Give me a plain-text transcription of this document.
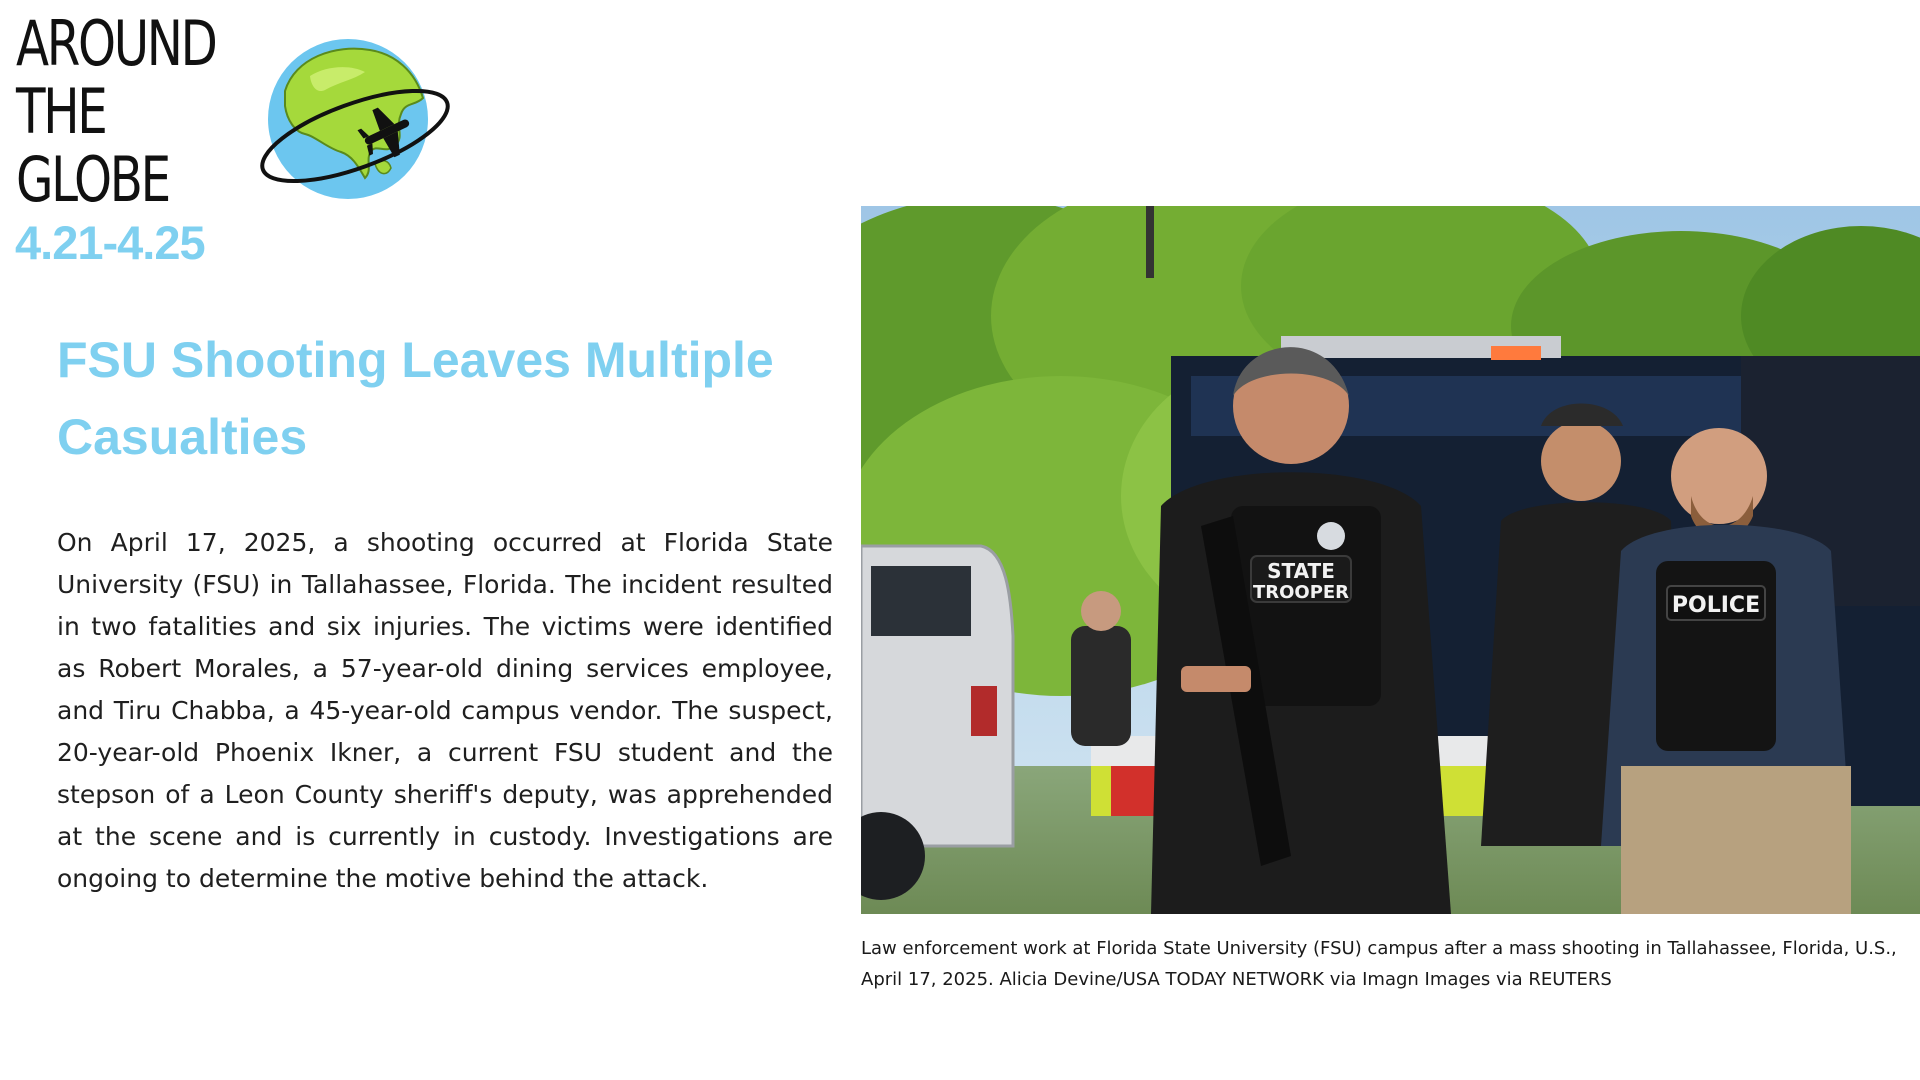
AROUND
THE
GLOBE
4.21-4.25
FSU Shooting Leaves Multiple Casualties

On April 17, 2025, a shooting occurred at Florida State University (FSU) in Tallahassee, Florida. The incident resulted in two fatalities and six injuries. The victims were identified as Robert Morales, a 57-year-old dining services employee, and Tiru Chabba, a 45-year-old campus vendor. The suspect, 20-year-old Phoenix Ikner, a current FSU student and the stepson of a Leon County sheriff's deputy, was apprehended at the scene and is currently in custody. Investigations are ongoing to determine the motive behind the attack.

STATE
TROOPER
POLICE

Law enforcement work at Florida State University (FSU) campus after a mass shooting in Tallahassee, Florida, U.S., April 17, 2025. Alicia Devine/USA TODAY NETWORK via Imagn Images via REUTERS
